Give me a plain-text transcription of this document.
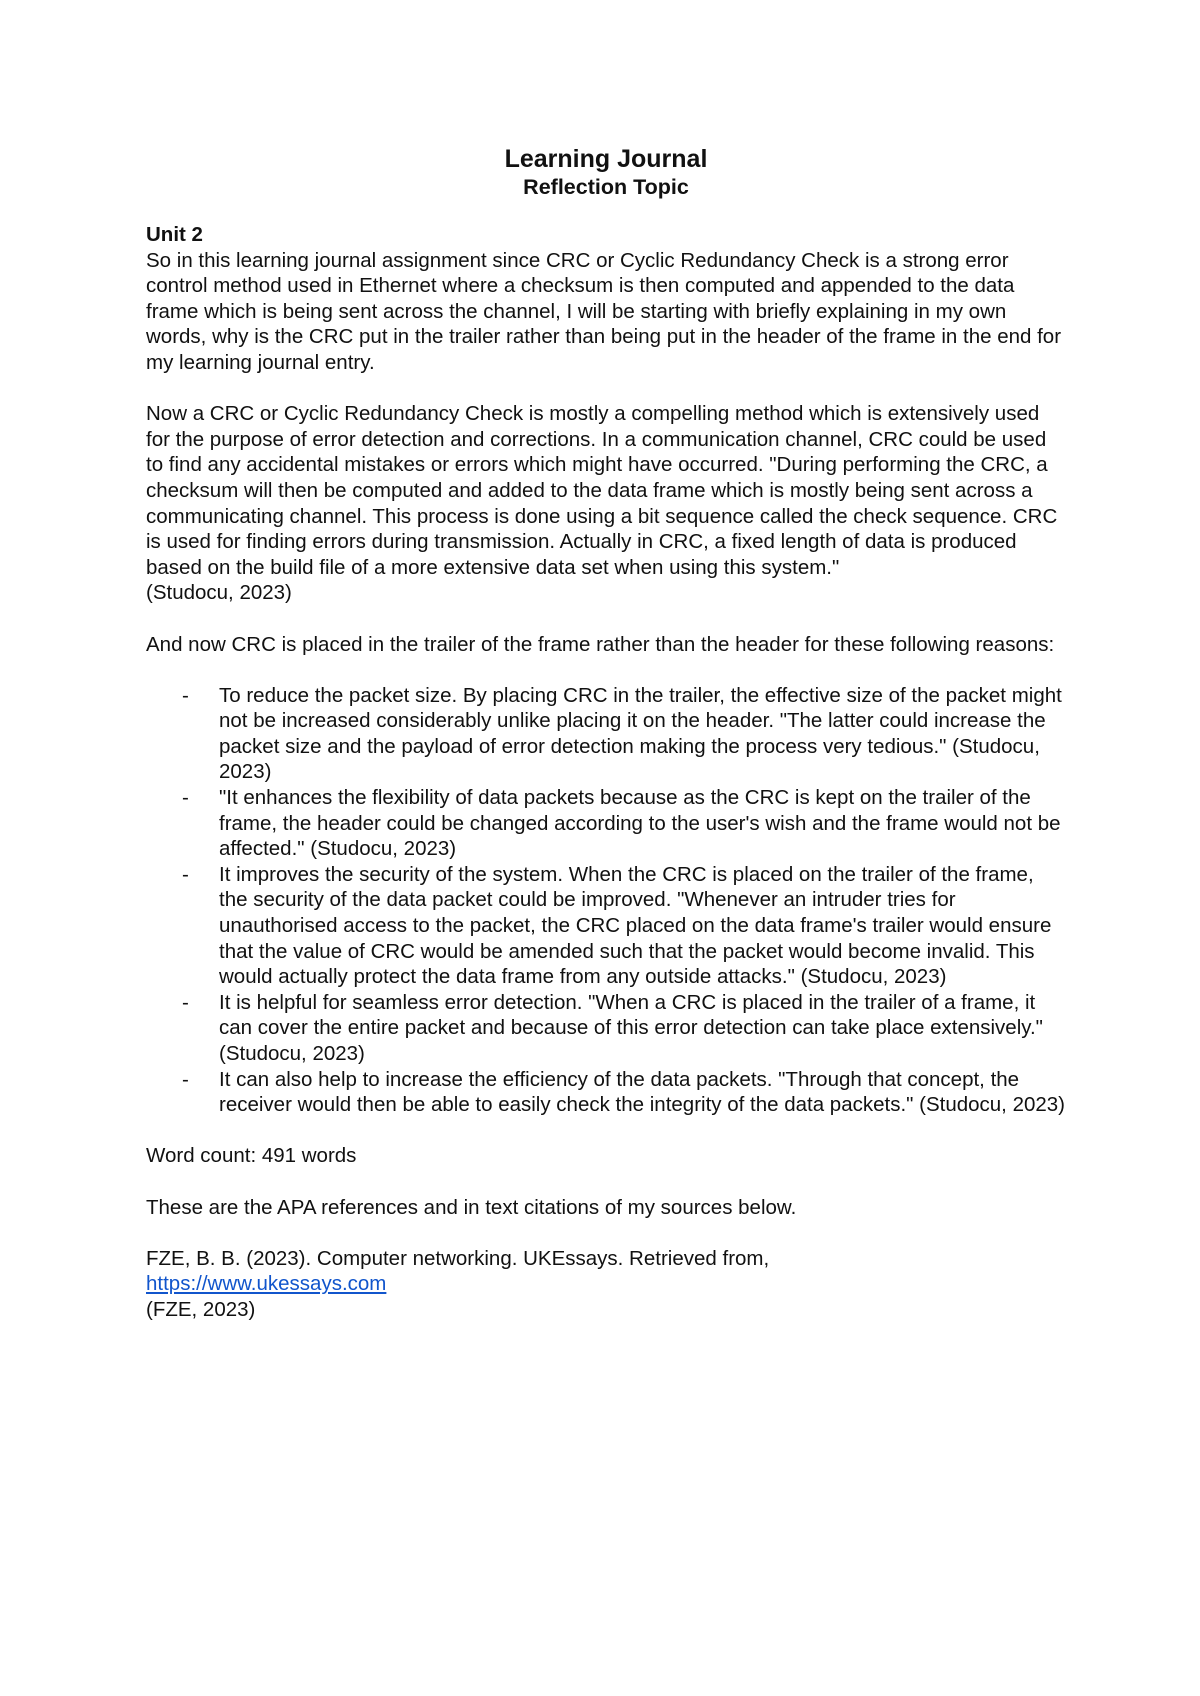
Learning Journal
Reflection Topic

Unit 2

So in this learning journal assignment since CRC or Cyclic Redundancy Check is a strong error control method used in Ethernet where a checksum is then computed and appended to the data frame which is being sent across the channel, I will be starting with briefly explaining in my own words, why is the CRC put in the trailer rather than being put in the header of the frame in the end for my learning journal entry.

Now a CRC or Cyclic Redundancy Check is mostly a compelling method which is extensively used for the purpose of error detection and corrections. In a communication channel, CRC could be used to find any accidental mistakes or errors which might have occurred. "During performing the CRC, a checksum will then be computed and added to the data frame which is mostly being sent across a communicating channel. This process is done using a bit sequence called the check sequence. CRC is used for finding errors during transmission. Actually in CRC, a fixed length of data is produced based on the build file of a more extensive data set when using this system."

(Studocu, 2023)

And now CRC is placed in the trailer of the frame rather than the header for these following reasons:

- To reduce the packet size. By placing CRC in the trailer, the effective size of the packet might not be increased considerably unlike placing it on the header. "The latter could increase the packet size and the payload of error detection making the process very tedious." (Studocu, 2023)
- "It enhances the flexibility of data packets because as the CRC is kept on the trailer of the frame, the header could be changed according to the user's wish and the frame would not be affected." (Studocu, 2023)
- It improves the security of the system. When the CRC is placed on the trailer of the frame, the security of the data packet could be improved. "Whenever an intruder tries for unauthorised access to the packet, the CRC placed on the data frame's trailer would ensure that the value of CRC would be amended such that the packet would become invalid. This would actually protect the data frame from any outside attacks." (Studocu, 2023)
- It is helpful for seamless error detection. "When a CRC is placed in the trailer of a frame, it can cover the entire packet and because of this error detection can take place extensively." (Studocu, 2023)
- It can also help to increase the efficiency of the data packets. "Through that concept, the receiver would then be able to easily check the integrity of the data packets." (Studocu, 2023)

Word count: 491 words

These are the APA references and in text citations of my sources below.

FZE, B. B. (2023). Computer networking. UKEssays. Retrieved from,

https://www.ukessays.com

(FZE, 2023)
